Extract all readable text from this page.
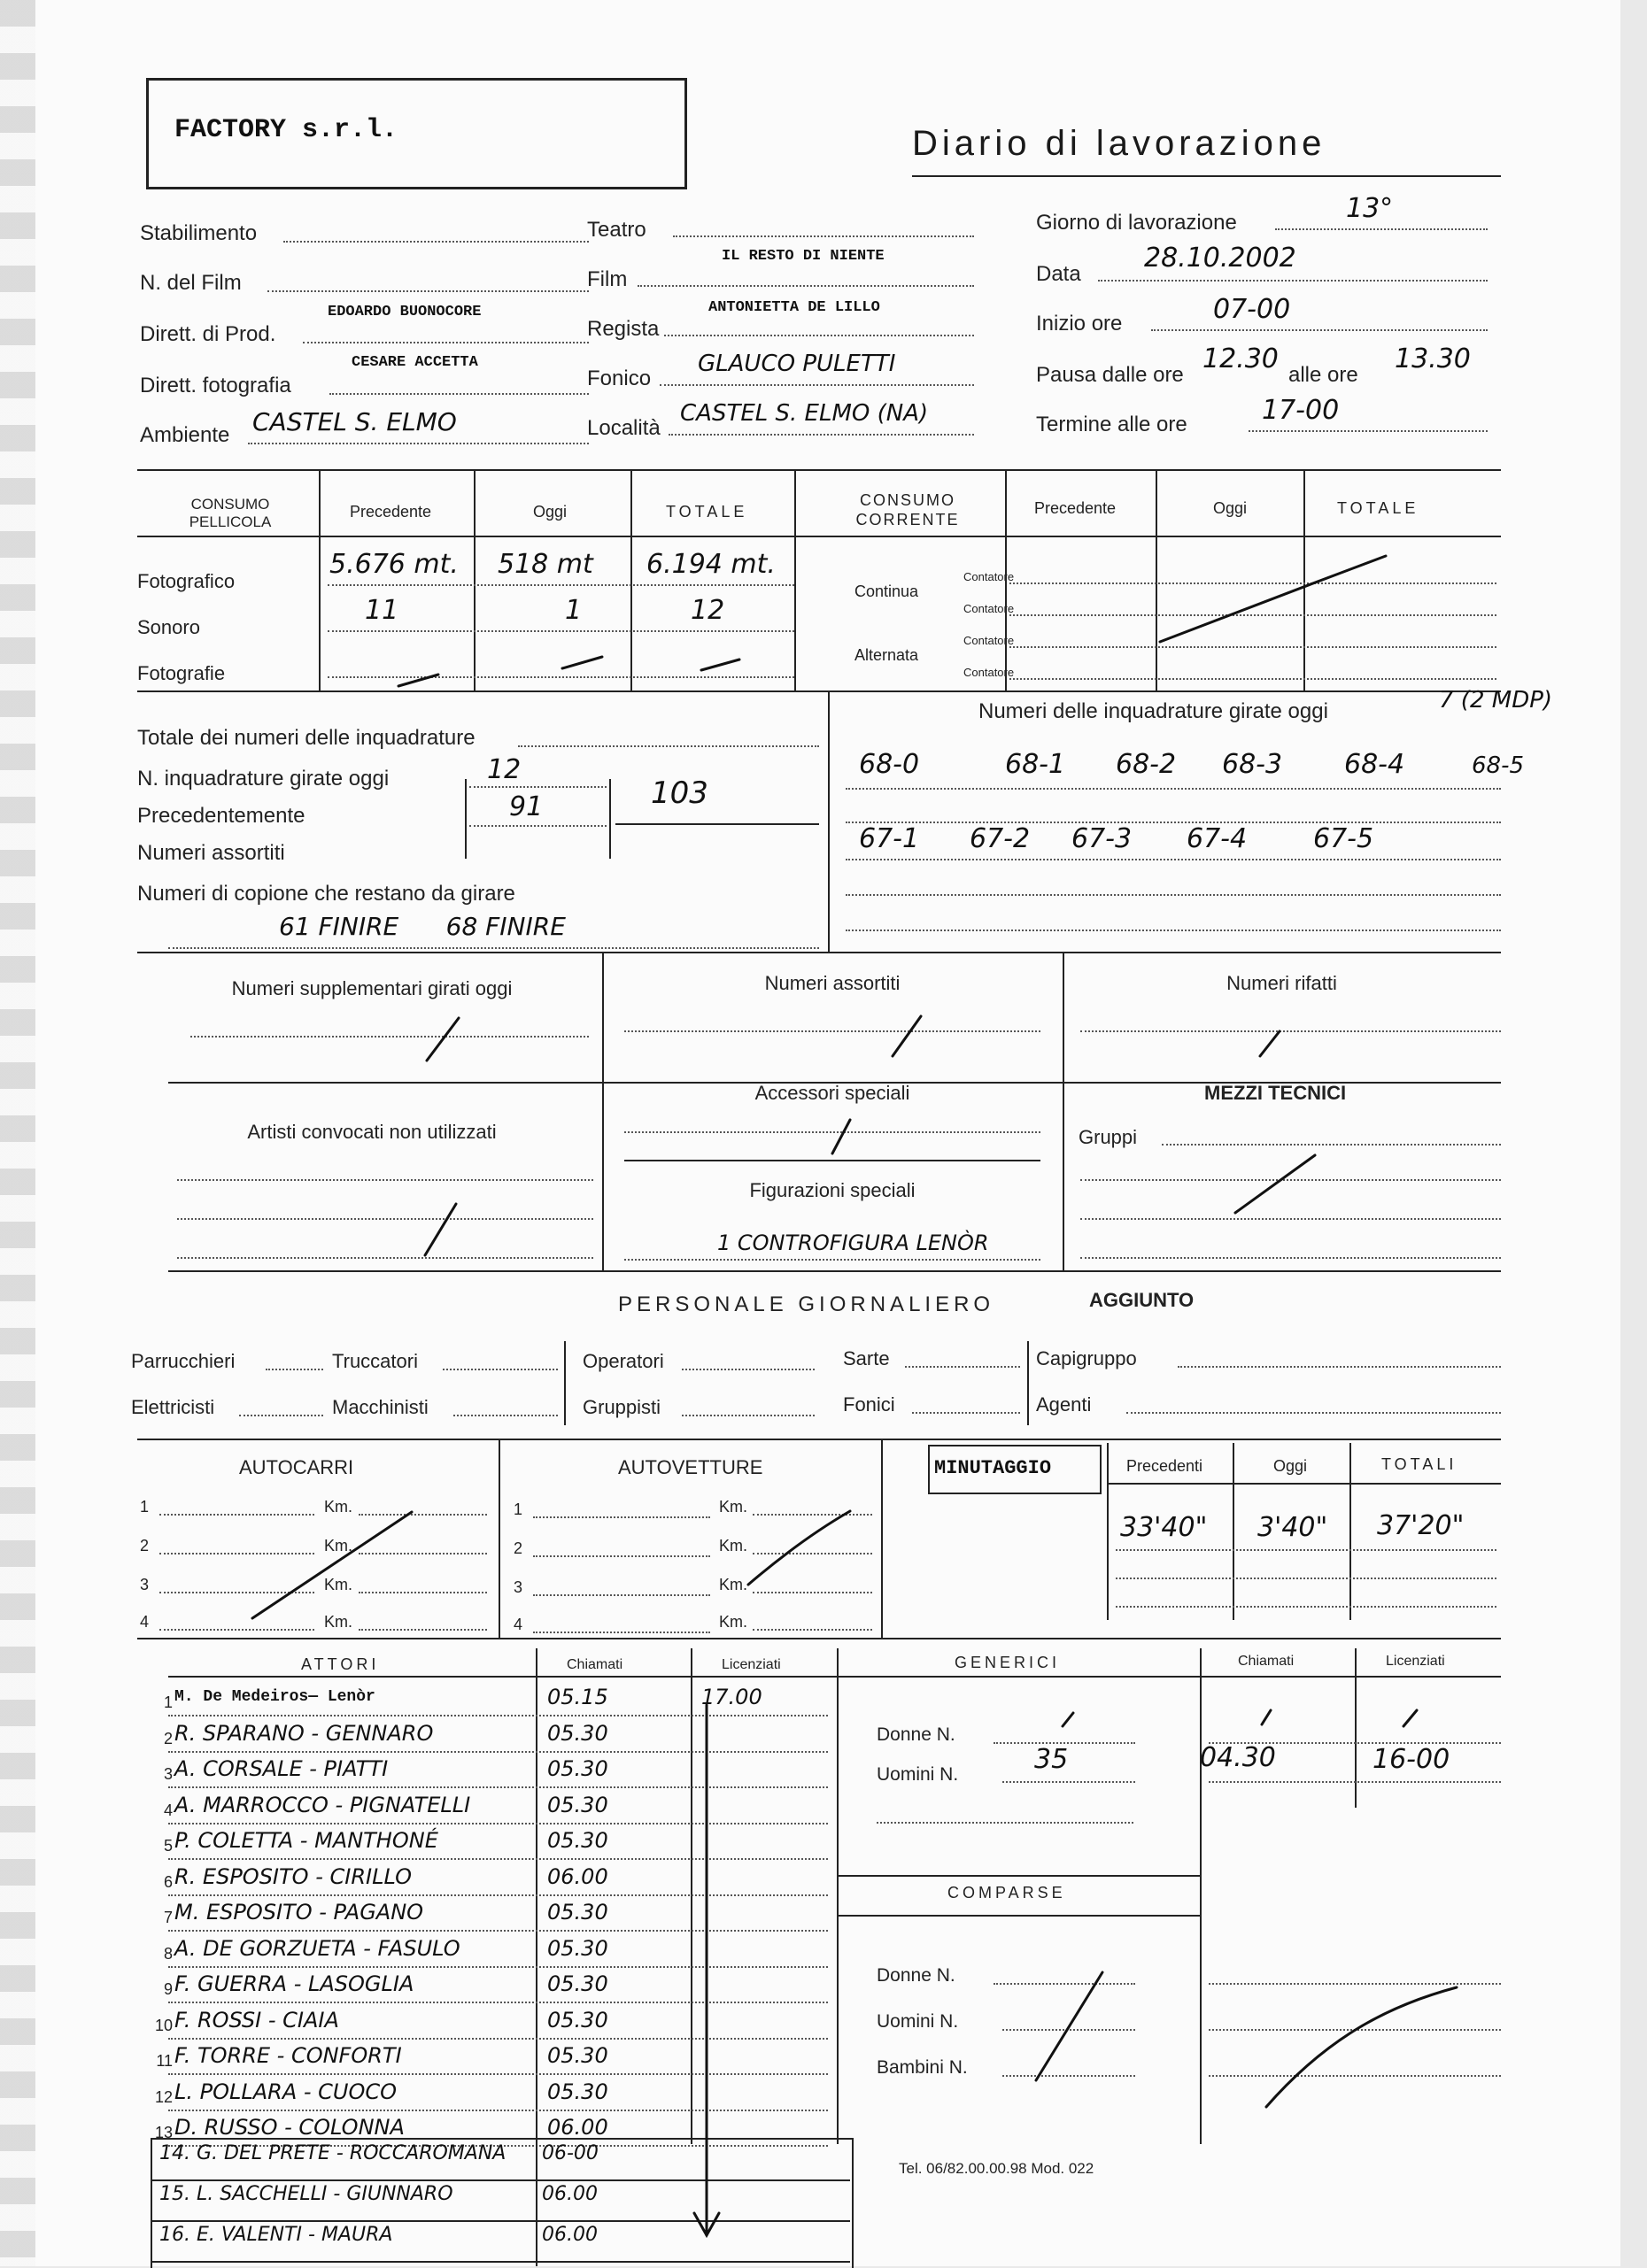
FACTORY s.r.l.	Diario di lavorazione
Stabilimento
N. del Film
Dirett. di Prod.
EDOARDO BUONOCORE
Dirett. fotografia
CESARE ACCETTA
Ambiente CASTEL S. ELMO
Teatro
Film
IL RESTO DI NIENTE
Regista
ANTONIETTA DE LILLO
Fonico
GLAUCO PULETTI
Località
CASTEL S. ELMO (NA)
Giorno di lavorazione	13°
Data
28.10.2002
Inizio ore	07-00
Pausa dalle ore
12.30
alle ore
13.30
Termine alle ore	17-00
CONSUMO PELLICOLA
Precedente	Oggi	TOTALE
Fotografico
5.676 mt. 518 mt 6.194 mt.
Sonoro
11	1	12
Fotografie
CONSUMO CORRENTE
Precedente	Oggi	TOTALE
Continua
Alternata
Contatore
Contatore
Contatore
Contatore
Totale dei numeri delle inquadrature
N. inquadrature girate oggi	12
Precedentemente	91
Numeri assortiti
103
Numeri di copione che restano da girare
61 FINIRE      68 FINIRE
Numeri delle inquadrature girate oggi	7 (2 MDP)
68-0	68-1 68-2 68-3 68-4	68-5
67-1 67-2 67-3 67-4 67-5
Numeri supplementari girati oggi	Numeri assortiti	Numeri rifatti
Artisti convocati non utilizzati
Accessori speciali
Figurazioni speciali
1 CONTROFIGURA LENÒR
MEZZI TECNICI
Gruppi
PERSONALE GIORNALIERO	AGGIUNTO
Parrucchieri	Truccatori	Operatori	Sarte	Capigruppo
Elettricisti	Macchinisti	Gruppisti	Fonici	Agenti
AUTOCARRI	AUTOVETTURE
1
2
3
4
Km.
Km.
Km.
Km.
1
2
3
4
Km.
Km.
Km.
Km.
MINUTAGGIO	Precedenti	Oggi	TOTALI
33'40" 3'40" 37'20"
ATTORI	Chiamati	Licenziati
1 M. De Medeiros— Lenòr	05.15	17.00
2 R. SPARANO - GENNARO	05.30
3 A. CORSALE - PIATTI	05.30
4 A. MARROCCO - PIGNATELLI	05.30
5 P. COLETTA - MANTHONÉ	05.30
6 R. ESPOSITO - CIRILLO	06.00
7 M. ESPOSITO - PAGANO	05.30
8 A. DE GORZUETA - FASULO	05.30
9 F. GUERRA - LASOGLIA	05.30
10 F. ROSSI - CIAIA	05.30
11 F. TORRE - CONFORTI	05.30
12 L. POLLARA - CUOCO	05.30
13 D. RUSSO - COLONNA	06.00
14. G. DEL PRETE - ROCCAROMANA 06-00
15. L. SACCHELLI - GIUNNARO	06.00
16. E. VALENTI - MAURA	06.00
Tel. 06/82.00.00.98 Mod. 022
GENERICI	Chiamati	Licenziati
Donne N.
Uomini N.	35	04.30	16-00
COMPARSE
Donne N.
Uomini N.
Bambini N.
